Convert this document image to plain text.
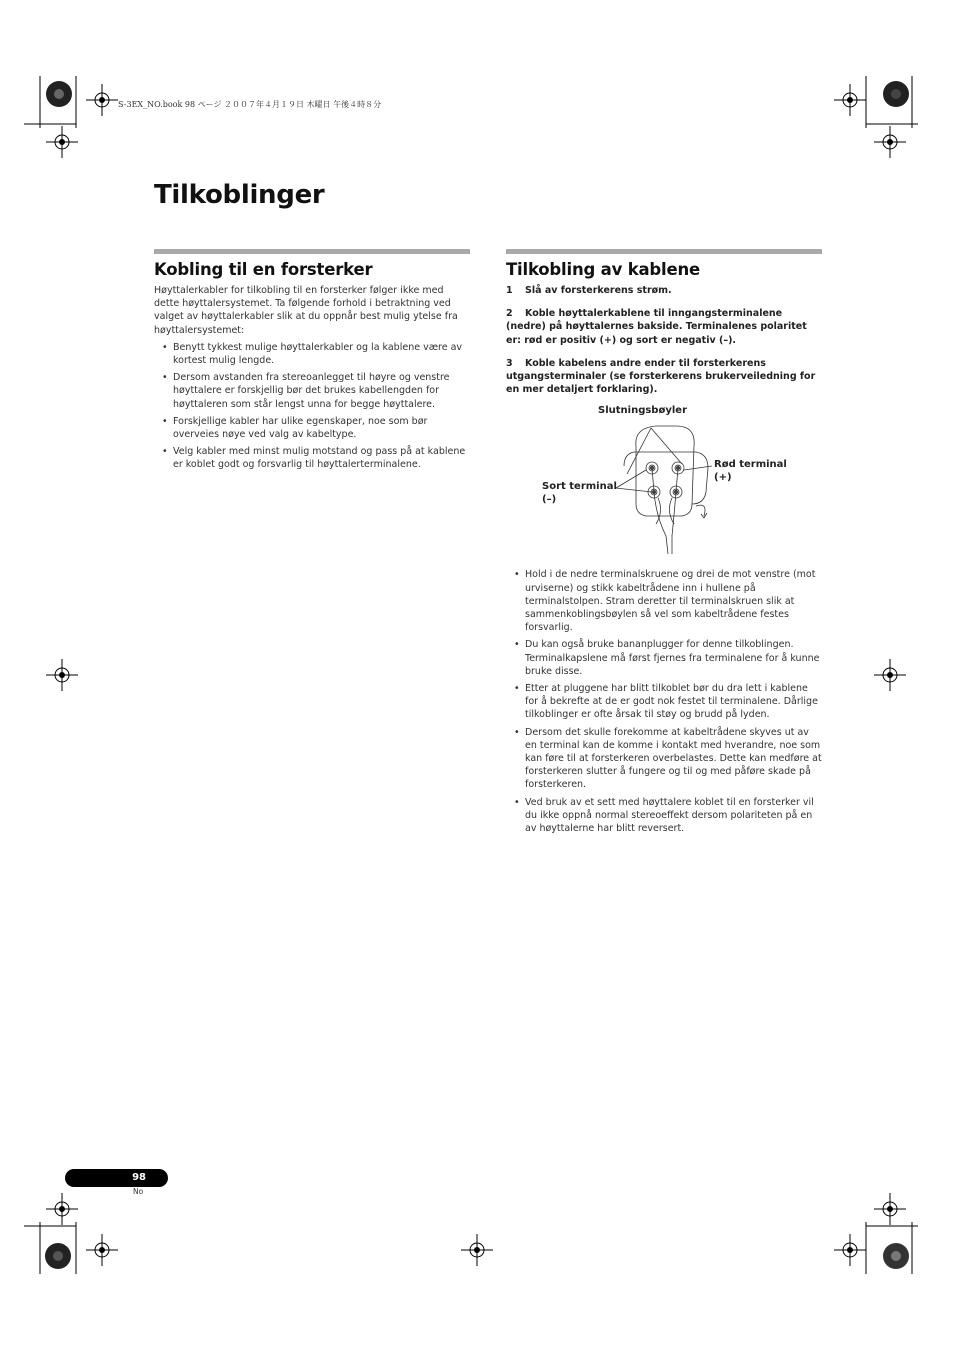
S-3EX_NO.book 98 ページ ２００７年４月１９日 木曜日 午後４時８分
Tilkoblinger
Kobling til en forsterker

Høyttalerkabler for tilkobling til en forsterker følger ikke med dette høyttalersystemet. Ta følgende forhold i betraktning ved valget av høyttalerkabler slik at du oppnår best mulig ytelse fra høyttalersystemet:

• Benytt tykkest mulige høyttalerkabler og la kablene være av kortest mulig lengde.
• Dersom avstanden fra stereoanlegget til høyre og venstre høyttalere er forskjellig bør det brukes kabellengden for høyttaleren som står lengst unna for begge høyttalere.
• Forskjellige kabler har ulike egenskaper, noe som bør overveies nøye ved valg av kabeltype.
• Velg kabler med minst mulig motstand og pass på at kablene er koblet godt og forsvarlig til høyttalerterminalene.
Tilkobling av kablene

1 Slå av forsterkerens strøm.

2 Koble høyttalerkablene til inngangsterminalene (nedre) på høyttalernes bakside. Terminalenes polaritet er: rød er positiv (+) og sort er negativ (–).

3 Koble kabelens andre ender til forsterkerens utgangsterminaler (se forsterkerens brukerveiledning for en mer detaljert forklaring).

Slutningsbøyler
Rød terminal
(+)
Sort terminal
(–)
• Hold i de nedre terminalskruene og drei de mot venstre (mot urviserne) og stikk kabeltrådene inn i hullene på terminalstolpen. Stram deretter til terminalskruen slik at sammenkoblingsbøylen så vel som kabeltrådene festes forsvarlig.
• Du kan også bruke bananplugger for denne tilkoblingen. Terminalkapslene må først fjernes fra terminalene for å kunne bruke disse.
• Etter at pluggene har blitt tilkoblet bør du dra lett i kablene for å bekrefte at de er godt nok festet til terminalene. Dårlige tilkoblinger er ofte årsak til støy og brudd på lyden.
• Dersom det skulle forekomme at kabeltrådene skyves ut av en terminal kan de komme i kontakt med hverandre, noe som kan føre til at forsterkeren overbelastes. Dette kan medføre at forsterkeren slutter å fungere og til og med påføre skade på forsterkeren.
• Ved bruk av et sett med høyttalere koblet til en forsterker vil du ikke oppnå normal stereoeffekt dersom polariteten på en av høyttalerne har blitt reversert.
98
No
